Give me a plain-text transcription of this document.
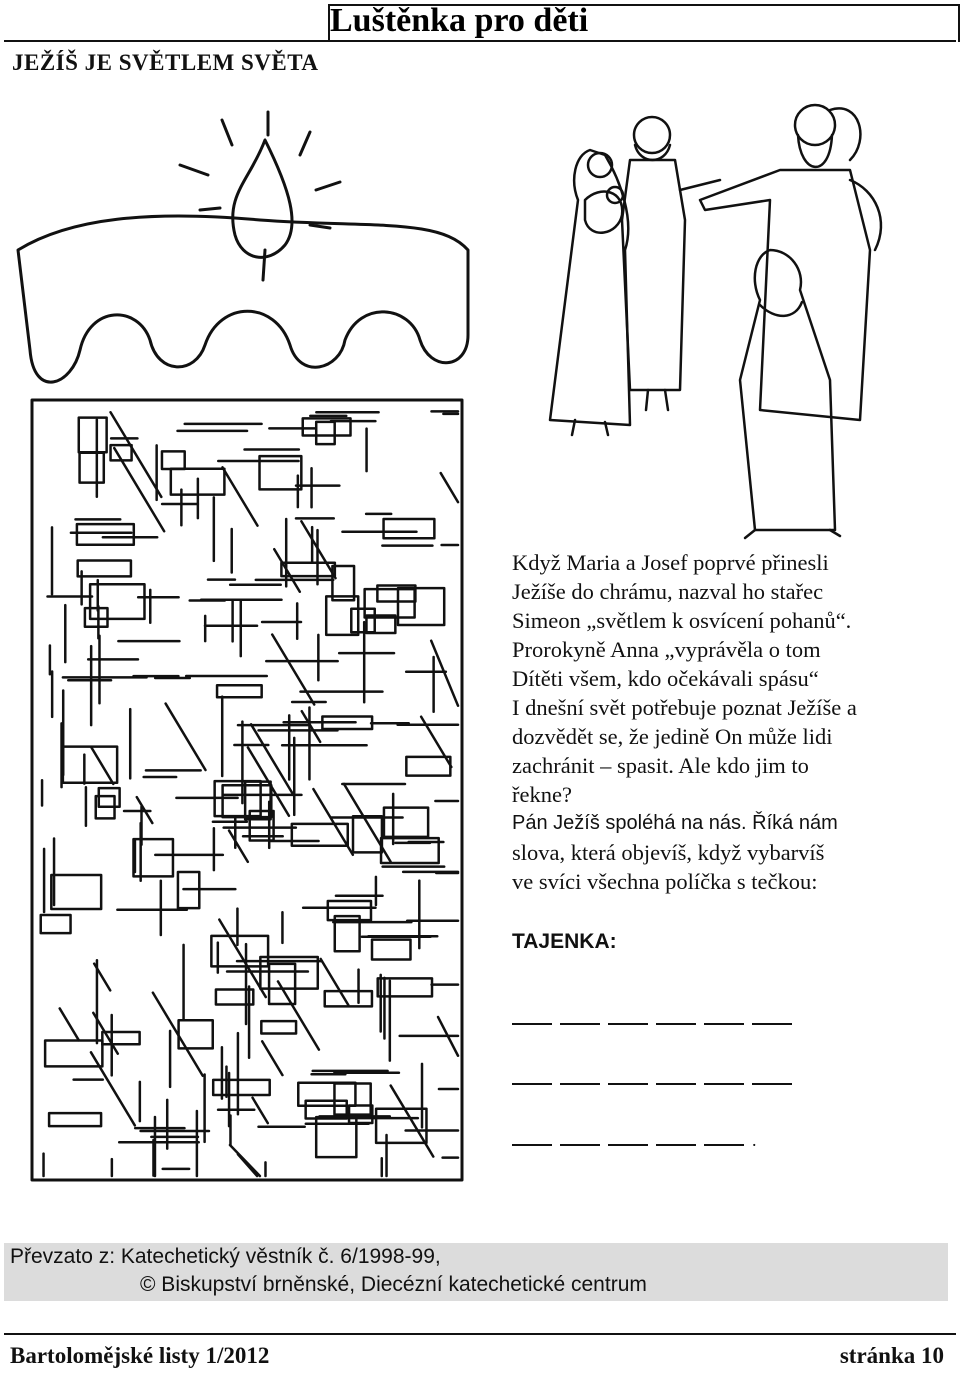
Luštěnka pro děti
JEŽÍŠ JE SVĚTLEM SVĚTA

Když Maria a Josef poprvé přinesli

Ježíše do chrámu, nazval ho stařec

Simeon „světlem k osvícení pohanů“.

Prorokyně Anna „vyprávěla o tom

Dítěti všem, kdo očekávali spásu“

I dnešní svět potřebuje poznat Ježíše a

dozvědět se, že jedině On může lidi

zachránit – spasit. Ale kdo jim to

řekne?

Pán Ježíš spoléhá na nás. Říká nám

slova, která objevíš, když vybarvíš

ve svíci všechna políčka s tečkou:

TAJENKA:
.
Převzato z: Katechetický věstník č. 6/1998-99,
© Biskupství brněnské, Diecézní katechetické centrum
Bartolomějské listy 1/2012	stránka 10
